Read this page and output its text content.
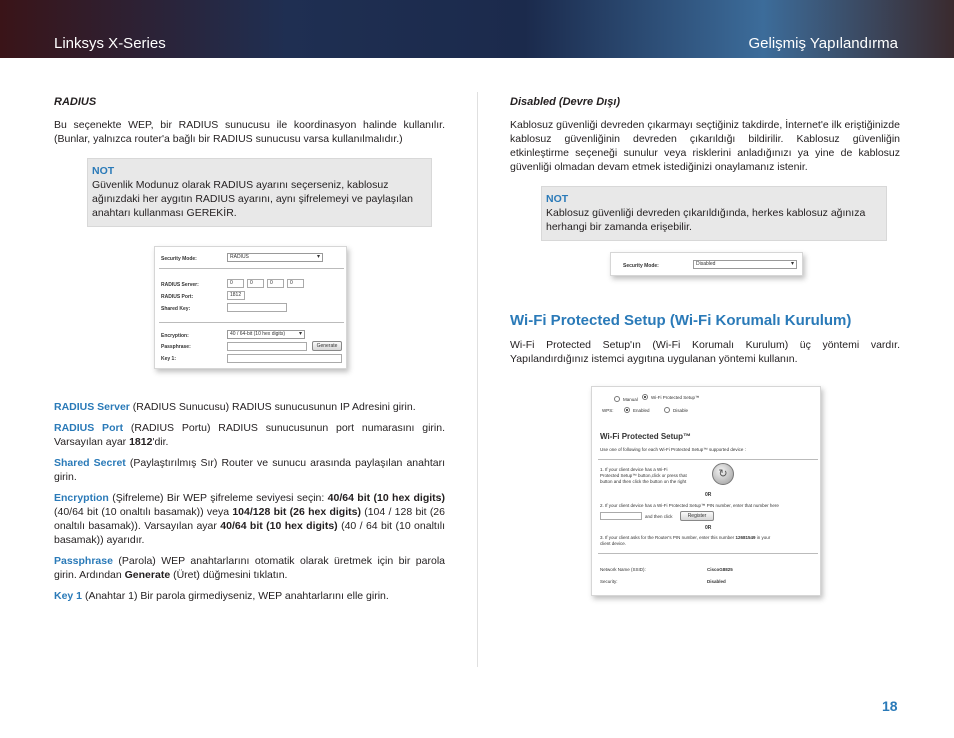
Linksys X-Series	Gelişmiş Yapılandırma
RADIUS
Bu seçenekte WEP, bir RADIUS sunucusu ile koordinasyon halinde kullanılır. (Bunlar, yalnızca router'a bağlı bir RADIUS sunucusu varsa kullanılmalıdır.)
NOT
Güvenlik Modunuz olarak RADIUS ayarını seçerseniz, kablosuz ağınızdaki her aygıtın RADIUS ayarını, aynı şifrelemeyi ve paylaşılan anahtarı kullanması GEREKİR.
Security Mode:	RADIUS ▾
RADIUS Server:	0	0	0	0
RADIUS Port:	1812
Shared Key:
Encryption:	40 / 64-bit (10 hex digits) ▾
Passphrase:	Generate
Key 1:
RADIUS Server (RADIUS Sunucusu) RADIUS sunucusunun IP Adresini girin.
RADIUS Port (RADIUS Portu) RADIUS sunucusunun port numarasını girin. Varsayılan ayar 1812'dir.
Shared Secret (Paylaştırılmış Sır) Router ve sunucu arasında paylaşılan anahtarı girin.
Encryption (Şifreleme) Bir WEP şifreleme seviyesi seçin: 40/64 bit (10 hex digits) (40/64 bit (10 onaltılı basamak)) veya 104/128 bit (26 hex digits) (104 / 128 bit (26 onaltılı basamak)). Varsayılan ayar 40/64 bit (10 hex digits) (40 / 64 bit (10 onaltılı basamak)) ayarıdır.
Passphrase (Parola) WEP anahtarlarını otomatik olarak üretmek için bir parola girin. Ardından Generate (Üret) düğmesini tıklatın.
Key 1 (Anahtar 1) Bir parola girmediyseniz, WEP anahtarlarını elle girin.
Disabled (Devre Dışı)
Kablosuz güvenliği devreden çıkarmayı seçtiğiniz takdirde, İnternet'e ilk eriştiğinizde kablosuz güvenliğinin devreden çıkarıldığı bildirilir. Kablosuz güvenliğin etkinleştirme seçeneği sunulur veya risklerini anladığınızı ya yine de kablosuz güvenliği olmadan devam etmek istediğinizi onaylamanız istenir.
NOT
Kablosuz güvenliği devreden çıkarıldığında, herkes kablosuz ağınıza herhangi bir zamanda erişebilir.
Security Mode:	Disabled ▾
Wi-Fi Protected Setup (Wi-Fi Korumalı Kurulum)
Wi-Fi Protected Setup'ın (Wi-Fi Korumalı Kurulum) üç yöntemi vardır. Yapılandırdığınız istemci aygıtına uygulanan yöntemi kullanın.
Manual	Wi-Fi Protected Setup™
WPS:	Enabled	Disable
Wi-Fi Protected Setup™
Use one of following for each Wi-Fi Protected Setup™ supported device :
1. If your client device has a Wi-Fi
Protected Setup™ button,click or press that
button and then click the button on the right
↻
0R
2. If your client device has a Wi-Fi Protected Setup™ PIN number, enter that number here
and then click	Register
0R
3. If your client asks for the Router's PIN number, enter this number 12681549 in your
client device.
Network Name (SSID):	CiscoG8825
Security:	Disabled
18
